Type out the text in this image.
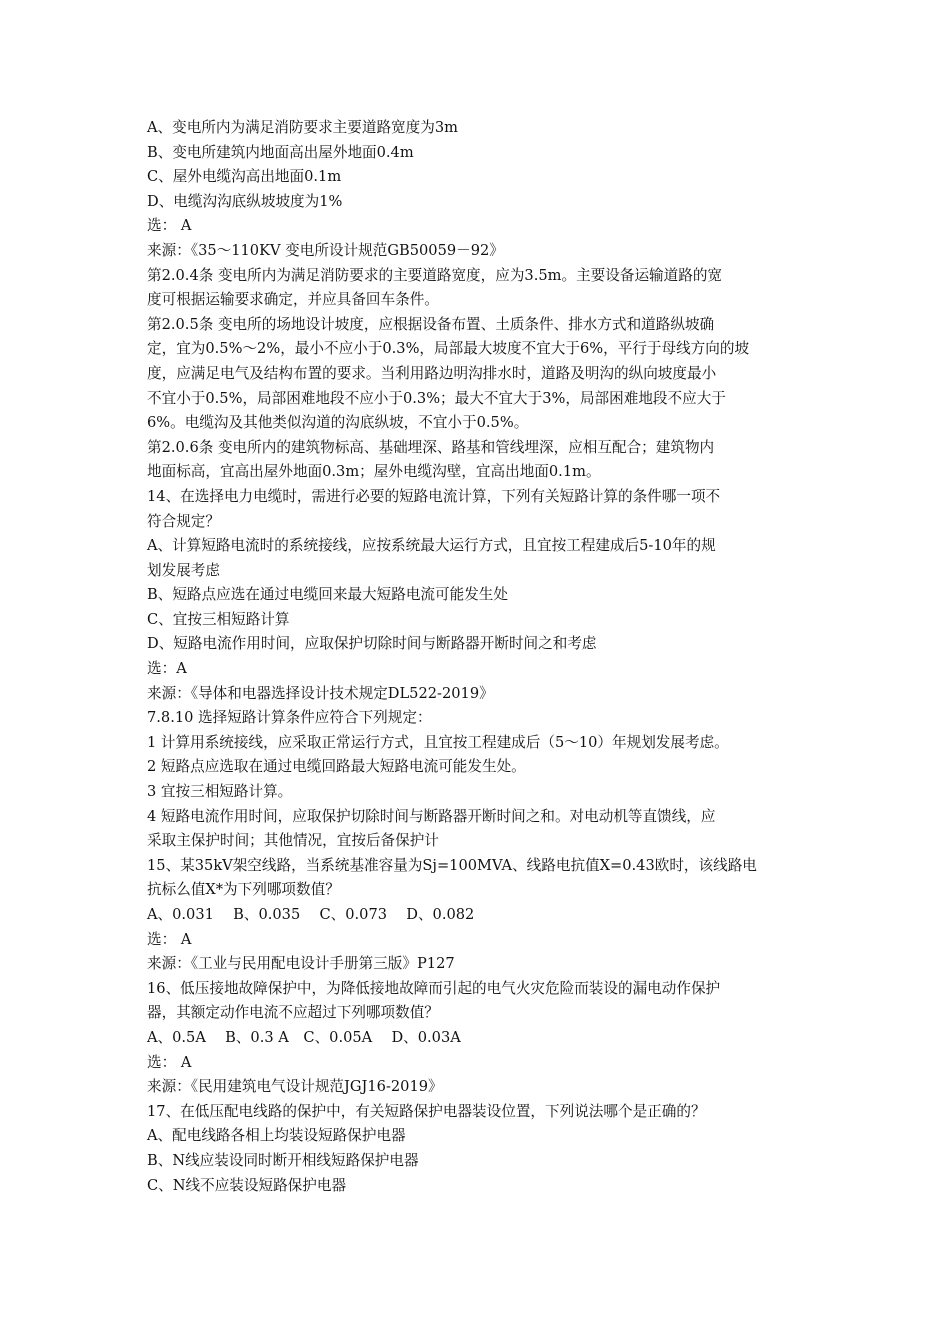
A、变电所内为满足消防要求主要道路宽度为3m
B、变电所建筑内地面高出屋外地面0.4m
C、屋外电缆沟高出地面0.1m
D、电缆沟沟底纵坡坡度为1%
选： A
来源：《35～110KV 变电所设计规范GB50059－92》
第2.0.4条 变电所内为满足消防要求的主要道路宽度，应为3.5m。主要设备运输道路的宽
度可根据运输要求确定，并应具备回车条件。
第2.0.5条 变电所的场地设计坡度，应根据设备布置、土质条件、排水方式和道路纵坡确
定，宜为0.5%～2%，最小不应小于0.3%，局部最大坡度不宜大于6%，平行于母线方向的坡
度，应满足电气及结构布置的要求。当利用路边明沟排水时，道路及明沟的纵向坡度最小
不宜小于0.5%，局部困难地段不应小于0.3%；最大不宜大于3%，局部困难地段不应大于
6%。电缆沟及其他类似沟道的沟底纵坡，不宜小于0.5%。
第2.0.6条 变电所内的建筑物标高、基础埋深、路基和管线埋深，应相互配合；建筑物内
地面标高，宜高出屋外地面0.3m；屋外电缆沟壁，宜高出地面0.1m。
14、在选择电力电缆时，需进行必要的短路电流计算，下列有关短路计算的条件哪一项不
符合规定？
A、计算短路电流时的系统接线，应按系统最大运行方式，且宜按工程建成后5-10年的规
划发展考虑
B、短路点应选在通过电缆回来最大短路电流可能发生处
C、宜按三相短路计算
D、短路电流作用时间，应取保护切除时间与断路器开断时间之和考虑
选：A
来源：《导体和电器选择设计技术规定DL522-2019》
7.8.10 选择短路计算条件应符合下列规定：
1 计算用系统接线，应采取正常运行方式，且宜按工程建成后（5～10）年规划发展考虑。
2 短路点应选取在通过电缆回路最大短路电流可能发生处。
3 宜按三相短路计算。
4 短路电流作用时间，应取保护切除时间与断路器开断时间之和。对电动机等直馈线，应
采取主保护时间；其他情况，宜按后备保护计
15、某35kV架空线路，当系统基准容量为Sj=100MVA、线路电抗值X=0.43欧时，该线路电
抗标么值X*为下列哪项数值？
A、0.031　 B、0.035　 C、0.073　 D、0.082
选： A
来源：《工业与民用配电设计手册第三版》P127
16、低压接地故障保护中，为降低接地故障而引起的电气火灾危险而装设的漏电动作保护
器，其额定动作电流不应超过下列哪项数值？
A、0.5A　 B、0.3 A　C、0.05A　 D、0.03A
选： A
来源：《民用建筑电气设计规范JGJ16-2019》
17、在低压配电线路的保护中，有关短路保护电器装设位置，下列说法哪个是正确的？
A、配电线路各相上均装设短路保护电器
B、N线应装设同时断开相线短路保护电器
C、N线不应装设短路保护电器
